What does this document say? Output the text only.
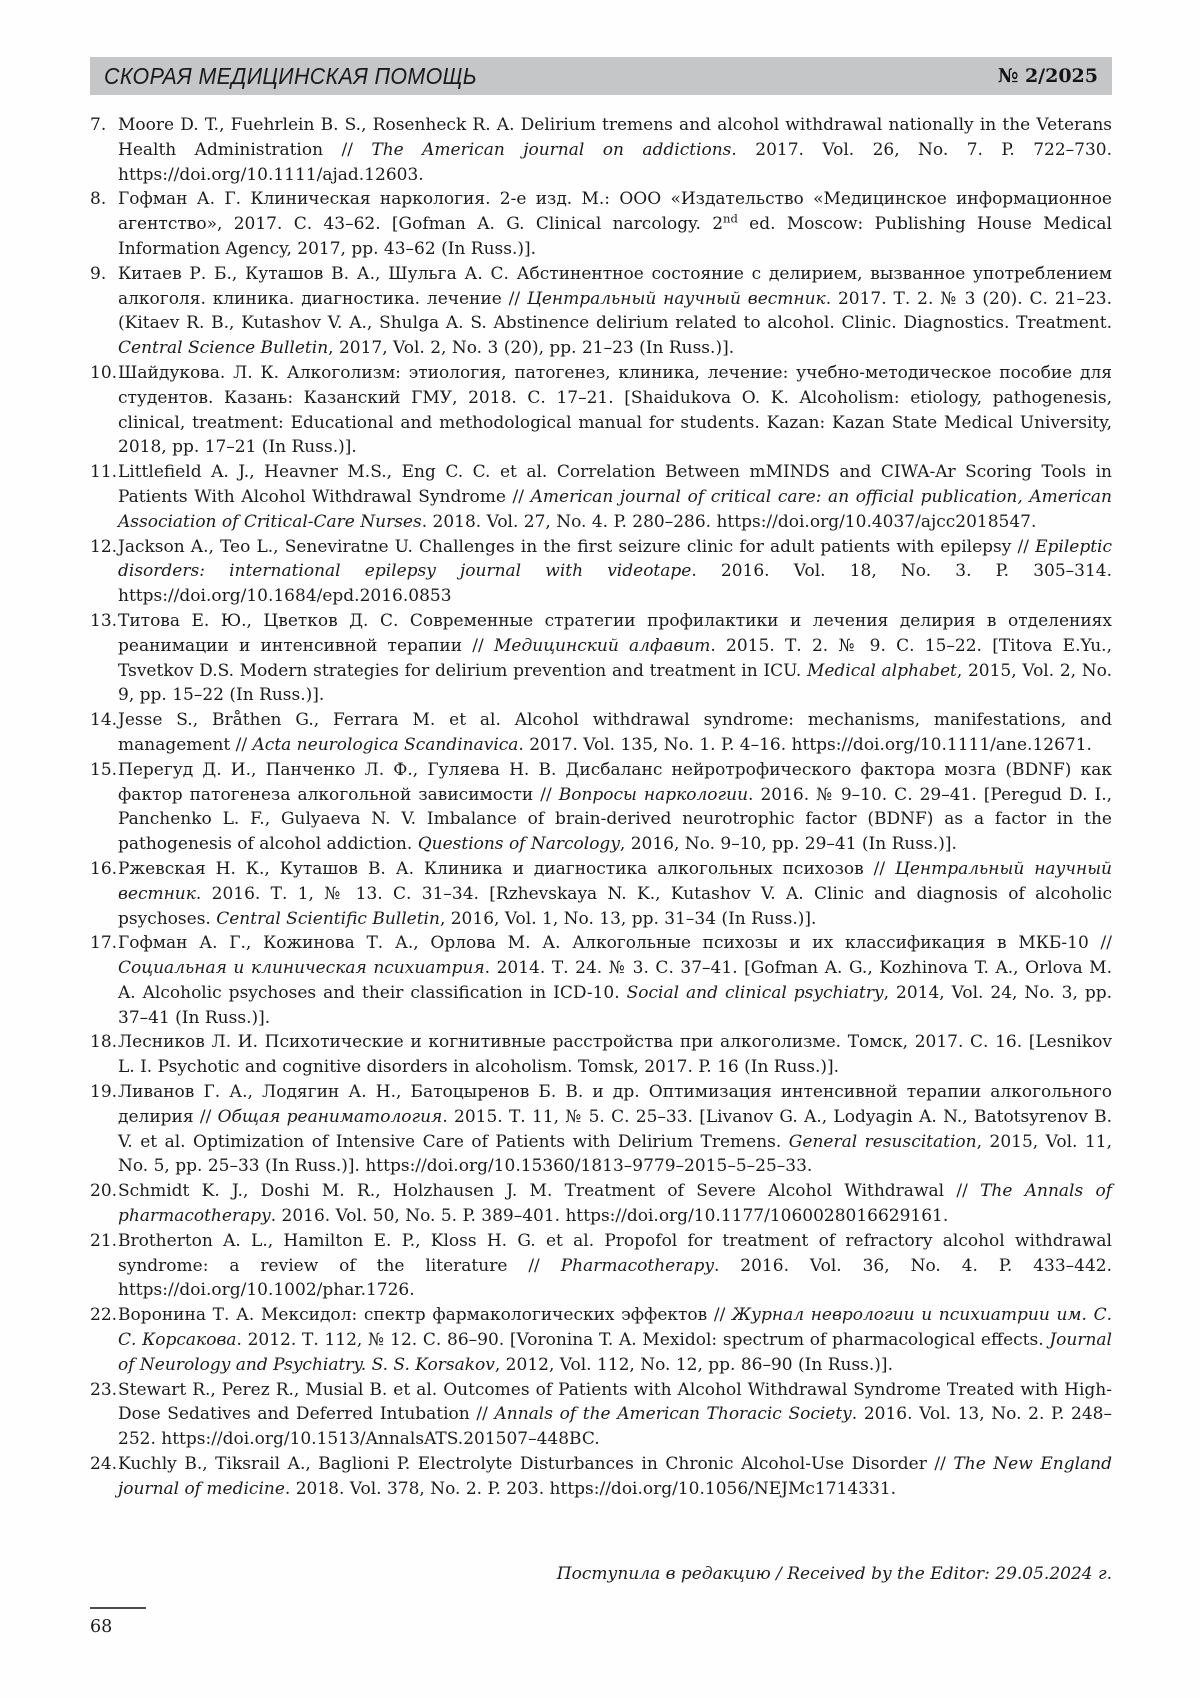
СКОРАЯ МЕДИЦИНСКАЯ ПОМОЩЬ	№ 2/2025
7. Moore D. T., Fuehrlein B. S., Rosenheck R. A. Delirium tremens and alcohol withdrawal nationally in the Veterans Health Administration // The American journal on addictions. 2017. Vol. 26, No. 7. P. 722–730. https://doi.org/10.1111/ajad.12603.
8. Гофман А. Г. Клиническая наркология. 2-е изд. М.: ООО «Издательство «Медицинское информационное агентство», 2017. С. 43–62. [Gofman A. G. Clinical narcology. 2nd ed. Moscow: Publishing House Medical Information Agency, 2017, pp. 43–62 (In Russ.)].
9. Китаев Р. Б., Куташов В. А., Шульга А. С. Абстинентное состояние с делирием, вызванное употреблением алкоголя. клиника. диагностика. лечение // Центральный научный вестник. 2017. Т. 2. № 3 (20). С. 21–23. (Kitaev R. B., Kutashov V. A., Shulga A. S. Abstinence delirium related to alcohol. Clinic. Diagnostics. Treatment. Central Science Bulletin, 2017, Vol. 2, No. 3 (20), pp. 21–23 (In Russ.)].
10. Шайдукова. Л. К. Алкоголизм: этиология, патогенез, клиника, лечение: учебно-методическое пособие для студентов. Казань: Казанский ГМУ, 2018. С. 17–21. [Shaidukova O. K. Alcoholism: etiology, pathogenesis, clinical, treatment: Educational and methodological manual for students. Kazan: Kazan State Medical University, 2018, pp. 17–21 (In Russ.)].
11. Littlefield A. J., Heavner M.S., Eng C. C. et al. Correlation Between mMINDS and CIWA-Ar Scoring Tools in Patients With Alcohol Withdrawal Syndrome // American journal of critical care: an official publication, American Association of Critical-Care Nurses. 2018. Vol. 27, No. 4. P. 280–286. https://doi.org/10.4037/ajcc2018547.
12. Jackson A., Teo L., Seneviratne U. Challenges in the first seizure clinic for adult patients with epilepsy // Epileptic disorders: international epilepsy journal with videotape. 2016. Vol. 18, No. 3. P. 305–314. https://doi.org/10.1684/epd.2016.0853
13. Титова Е. Ю., Цветков Д. С. Современные стратегии профилактики и лечения делирия в отделениях реанимации и интенсивной терапии // Медицинский алфавит. 2015. Т. 2. № 9. С. 15–22. [Titova E.Yu., Tsvetkov D.S. Modern strategies for delirium prevention and treatment in ICU. Medical alphabet, 2015, Vol. 2, No. 9, pp. 15–22 (In Russ.)].
14. Jesse S., Bråthen G., Ferrara M. et al. Alcohol withdrawal syndrome: mechanisms, manifestations, and management // Acta neurologica Scandinavica. 2017. Vol. 135, No. 1. P. 4–16. https://doi.org/10.1111/ane.12671.
15. Перегуд Д. И., Панченко Л. Ф., Гуляева Н. В. Дисбаланс нейротрофического фактора мозга (BDNF) как фактор патогенеза алкогольной зависимости // Вопросы наркологии. 2016. № 9–10. С. 29–41. [Peregud D. I., Panchenko L. F., Gulyaeva N. V. Imbalance of brain-derived neurotrophic factor (BDNF) as a factor in the pathogenesis of alcohol addiction. Questions of Narcology, 2016, No. 9–10, pp. 29–41 (In Russ.)].
16. Ржевская Н. К., Куташов В. А. Клиника и диагностика алкогольных психозов // Центральный научный вестник. 2016. Т. 1, № 13. С. 31–34. [Rzhevskaya N. K., Kutashov V. A. Clinic and diagnosis of alcoholic psychoses. Central Scientific Bulletin, 2016, Vol. 1, No. 13, pp. 31–34 (In Russ.)].
17. Гофман А. Г., Кожинова Т. А., Орлова М. А. Алкогольные психозы и их классификация в МКБ-10 // Социальная и клиническая психиатрия. 2014. Т. 24. № 3. С. 37–41. [Gofman A. G., Kozhinova T. A., Orlova M. A. Alcoholic psychoses and their classification in ICD-10. Social and clinical psychiatry, 2014, Vol. 24, No. 3, pp. 37–41 (In Russ.)].
18. Лесников Л. И. Психотические и когнитивные расстройства при алкоголизме. Томск, 2017. С. 16. [Lesnikov L. I. Psychotic and cognitive disorders in alcoholism. Tomsk, 2017. P. 16 (In Russ.)].
19. Ливанов Г. А., Лодягин А. Н., Батоцыренов Б. В. и др. Оптимизация интенсивной терапии алкогольного делирия // Общая реаниматология. 2015. Т. 11, № 5. С. 25–33. [Livanov G. A., Lodyagin A. N., Batotsyrenov B. V. et al. Optimization of Intensive Care of Patients with Delirium Tremens. General resuscitation, 2015, Vol. 11, No. 5, pp. 25–33 (In Russ.)]. https://doi.org/10.15360/1813–9779–2015–5–25–33.
20. Schmidt K. J., Doshi M. R., Holzhausen J. M. Treatment of Severe Alcohol Withdrawal // The Annals of pharmacotherapy. 2016. Vol. 50, No. 5. P. 389–401. https://doi.org/10.1177/1060028016629161.
21. Brotherton A. L., Hamilton E. P., Kloss H. G. et al. Propofol for treatment of refractory alcohol withdrawal syndrome: a review of the literature // Pharmacotherapy. 2016. Vol. 36, No. 4. P. 433–442. https://doi.org/10.1002/phar.1726.
22. Воронина Т. А. Мексидол: спектр фармакологических эффектов // Журнал неврологии и психиатрии им. С. С. Корсакова. 2012. Т. 112, № 12. С. 86–90. [Voronina T. A. Mexidol: spectrum of pharmacological effects. Journal of Neurology and Psychiatry. S. S. Korsakov, 2012, Vol. 112, No. 12, pp. 86–90 (In Russ.)].
23. Stewart R., Perez R., Musial B. et al. Outcomes of Patients with Alcohol Withdrawal Syndrome Treated with High-Dose Sedatives and Deferred Intubation // Annals of the American Thoracic Society. 2016. Vol. 13, No. 2. P. 248–252. https://doi.org/10.1513/AnnalsATS.201507–448BC.
24. Kuchly B., Tiksrail A., Baglioni P. Electrolyte Disturbances in Chronic Alcohol-Use Disorder // The New England journal of medicine. 2018. Vol. 378, No. 2. P. 203. https://doi.org/10.1056/NEJMc1714331.
Поступила в редакцию / Received by the Editor: 29.05.2024 г.
68
